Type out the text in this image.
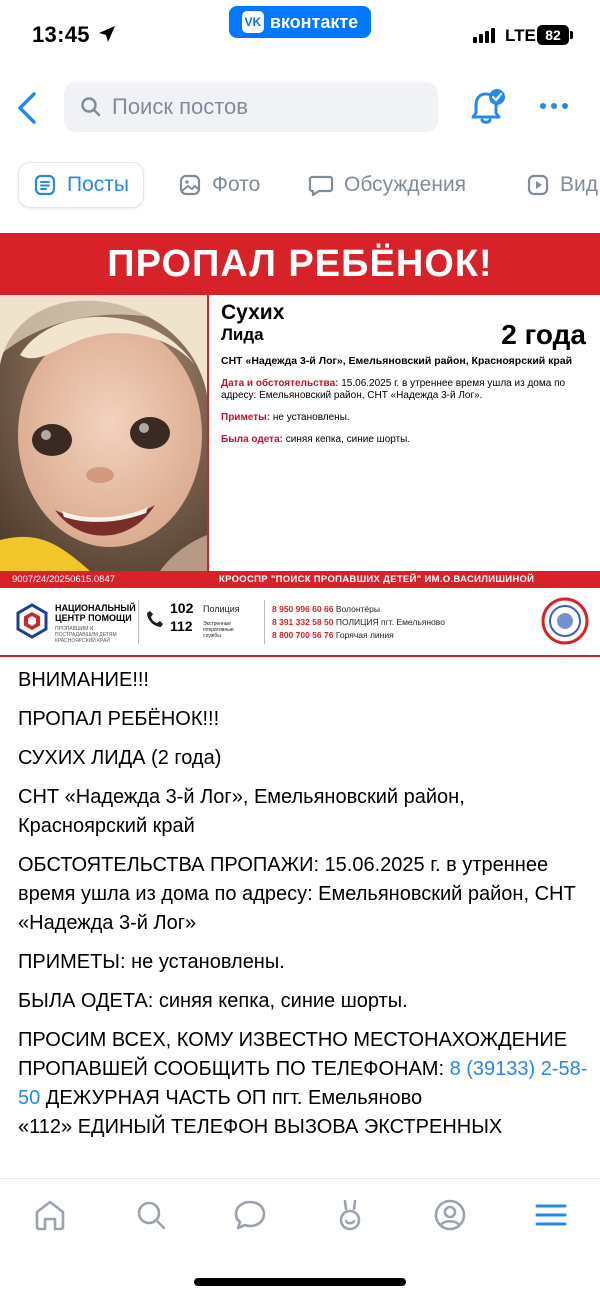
13:45	VK вконтакте
LTE 82
Поиск постов
Посты	Фото	Обсуждения	Вид
ПРОПАЛ РЕБЁНОК!
Сухих
Лида	2 года
СНТ «Надежда 3-й Лог», Емельяновский район, Красноярский край
Дата и обстоятельства: 15.06.2025 г. в утреннее время ушла из дома по адресу: Емельяновский район, СНТ «Надежда 3-й Лог».
Приметы: не установлены.
Была одета: синяя кепка, синие шорты.
9007/24/20250615.0847	КРООСПР "ПОИСК ПРОПАВШИХ ДЕТЕЙ" ИМ.О.ВАСИЛИШИНОЙ
НАЦИОНАЛЬНЫЙ ЦЕНТР ПОМОЩИ
ПРОПАВШИМ И ПОСТРАДАВШИМ ДЕТЯМ КРАСНОЯРСКИЙ КРАЙ
102 Полиция
112 Экстренные оперативные службы
8 950 996 60 66 Волонтёры
8 391 332 58 50 ПОЛИЦИЯ пгт. Емельяново
8 800 700 56 76 Горячая линия
ВНИМАНИЕ!!!
ПРОПАЛ РЕБЁНОК!!!
СУХИХ ЛИДА (2 года)
СНТ «Надежда 3-й Лог», Емельяновский район, Красноярский край
ОБСТОЯТЕЛЬСТВА ПРОПАЖИ: 15.06.2025 г. в утреннее время ушла из дома по адресу: Емельяновский район, СНТ «Надежда 3-й Лог»
ПРИМЕТЫ: не установлены.
БЫЛА ОДЕТА: синяя кепка, синие шорты.
ПРОСИМ ВСЕХ, КОМУ ИЗВЕСТНО МЕСТОНАХОЖДЕНИЕ ПРОПАВШЕЙ СООБЩИТЬ ПО ТЕЛЕФОНАМ: 8 (39133) 2-58-50 ДЕЖУРНАЯ ЧАСТЬ ОП пгт. Емельяново
«112» ЕДИНЫЙ ТЕЛЕФОН ВЫЗОВА ЭКСТРЕННЫХ
